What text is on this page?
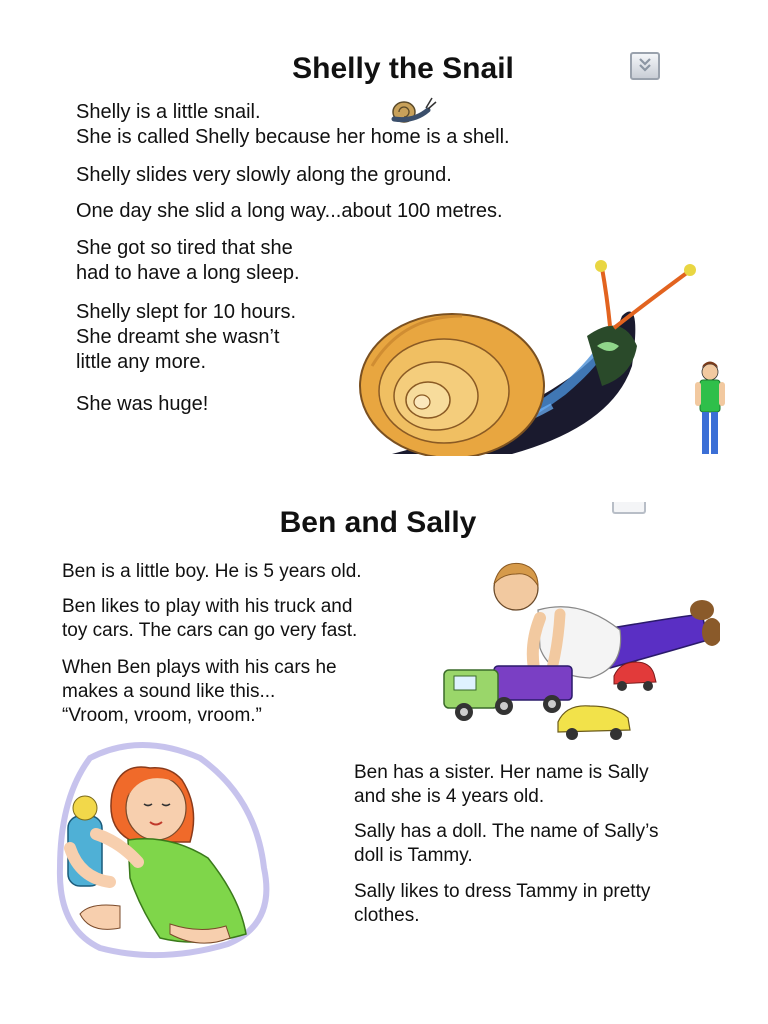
Shelly the Snail

Shelly is a little snail.
She is called Shelly because her home is a shell.

Shelly slides very slowly along the ground.

One day she slid a long way...about 100 metres.

She got so tired that she
had to have a long sleep.

Shelly slept for 10 hours.
She dreamt she wasn’t
little any more.

She was huge!

Ben and Sally

Ben is a little boy. He is 5 years old.

Ben likes to play with his truck and
toy cars. The cars can go very fast.

When Ben plays with his cars he
makes a sound like this...
“Vroom, vroom, vroom.”

Ben has a sister. Her name is Sally
and she is 4 years old.

Sally has a doll. The name of Sally’s
doll is Tammy.

Sally likes to dress Tammy in pretty
clothes.
